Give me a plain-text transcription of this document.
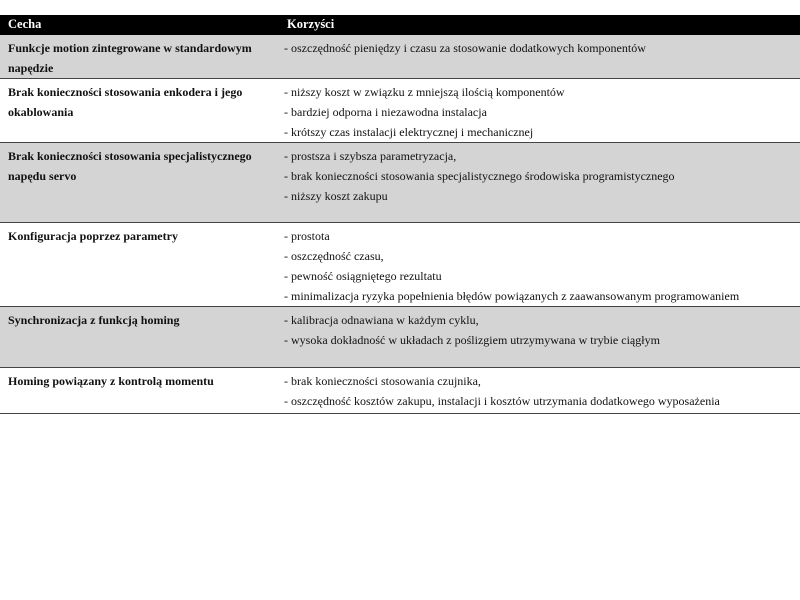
Cecha	Korzyści
Funkcje motion zintegrowane w standardowym napędzie	- oszczędność pieniędzy i czasu za stosowanie dodatkowych komponentów

Brak konieczności stosowania enkodera i jego okablowania	- niższy koszt w związku z mniejszą ilością komponentów
- bardziej odporna i niezawodna instalacja
- krótszy czas instalacji elektrycznej i mechanicznej

Brak konieczności stosowania specjalistycznego napędu servo	- prostsza i szybsza parametryzacja,
- brak konieczności stosowania specjalistycznego środowiska programistycznego
- niższy koszt zakupu

Konfiguracja poprzez parametry	- prostota
- oszczędność czasu,
- pewność osiągniętego rezultatu
- minimalizacja ryzyka popełnienia błędów powiązanych z zaawansowanym programowaniem

Synchronizacja z funkcją homing	- kalibracja odnawiana w każdym cyklu,
- wysoka dokładność w układach z poślizgiem utrzymywana w trybie ciągłym

Homing powiązany z kontrolą momentu	- brak konieczności stosowania czujnika,
- oszczędność kosztów zakupu, instalacji i kosztów utrzymania dodatkowego wyposażenia
